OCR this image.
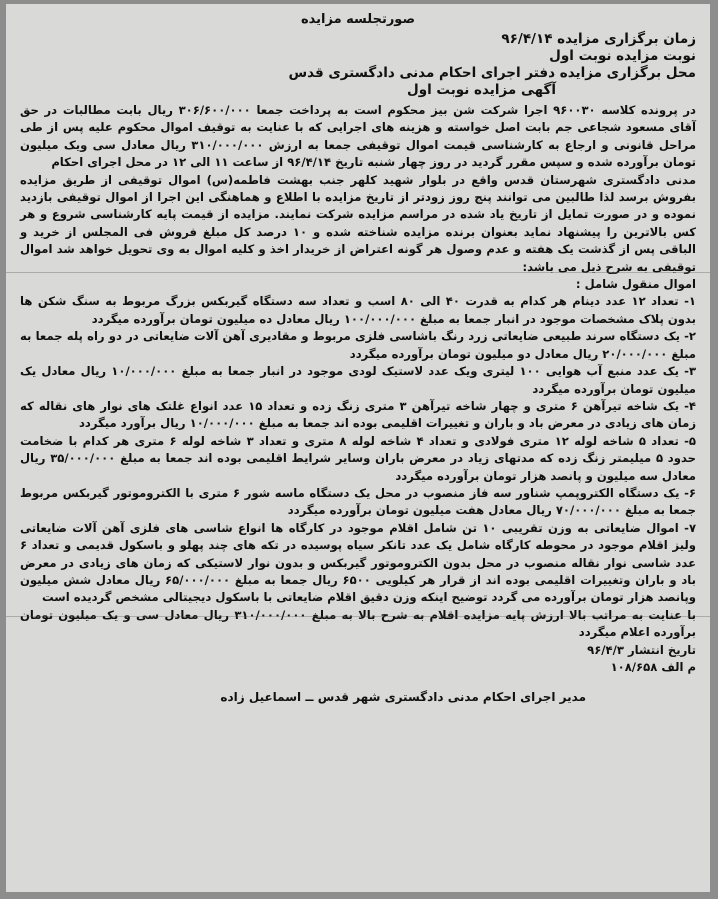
صورتجلسه مزایده
زمان برگزاری مزایده ۹۶/۴/۱۴
نوبت مزایده نوبت اول
محل برگزاری مزایده دفتر اجرای احکام مدنی دادگستری قدس
آگهی مزایده نوبت اول

در پرونده کلاسه ۹۶۰۰۳۰ اجرا شرکت شن بیز محکوم است به پرداخت جمعا ۳۰۶/۶۰۰/۰۰۰ ریال بابت مطالبات در حق آقای مسعود شجاعی جم بابت اصل خواسته و هزینه های اجرایی که با عنایت به توقیف اموال محکوم علیه پس از طی مراحل قانونی و ارجاع به کارشناسی قیمت اموال توقیفی جمعا به ارزش ۳۱۰/۰۰۰/۰۰۰ ریال معادل سی ویک میلیون تومان برآورده شده و سپس مقرر گردید در روز چهار شنبه تاریخ ۹۶/۴/۱۴ از ساعت ۱۱ الی ۱۲ در محل اجرای احکام

مدنی دادگستری شهرستان قدس واقع در بلوار شهید کلهر جنب بهشت فاطمه(س) اموال توقیفی از طریق مزایده بفروش برسد لذا طالبین می توانند پنج روز زودتر از تاریخ مزایده با اطلاع و هماهنگی این اجرا از اموال توقیفی بازدید نموده و در صورت تمایل از تاریخ یاد شده در مراسم مزایده شرکت نمایند. مزایده از قیمت پایه کارشناسی شروع و هر کس بالاترین را پیشنهاد نماید بعنوان برنده مزایده شناخته شده و ۱۰ درصد کل مبلغ فروش فی المجلس از خرید و الباقی پس از گذشت یک هفته و عدم وصول هر گونه اعتراض از خریدار اخذ و کلیه اموال به وی تحویل خواهد شد اموال توقیفی به شرح ذیل می باشد:

اموال منقول شامل :

۱- تعداد ۱۲ عدد دینام هر کدام به قدرت ۴۰ الی ۸۰ اسب و تعداد سه دستگاه گیربکس بزرگ مربوط به سنگ شکن ها بدون پلاک مشخصات موجود در انبار جمعا به مبلغ ۱۰۰/۰۰۰/۰۰۰ ریال معادل ده میلیون تومان برآورده میگردد
۲- یک دستگاه سرند طبیعی ضایعاتی زرد رنگ باشاسی فلزی مربوط و مقادیری آهن آلات ضایعاتی در دو راه پله جمعا به مبلغ ۲۰/۰۰۰/۰۰۰ ریال معادل دو میلیون تومان برآورده میگردد
۳- یک عدد منبع آب هوایی ۱۰۰ لیتری ویک عدد لاستیک لودی موجود در انبار جمعا به مبلغ ۱۰/۰۰۰/۰۰۰ ریال معادل یک میلیون تومان برآورده میگردد
۴- یک شاخه تیرآهن ۶ متری و چهار شاخه تیرآهن ۳ متری زنگ زده و تعداد ۱۵ عدد انواع غلتک های نوار های نقاله که زمان های زیادی در معرض باد و باران و تغییرات اقلیمی بوده اند جمعا به مبلغ ۱۰/۰۰۰/۰۰۰ ریال برآورد میگردد
۵- تعداد ۵ شاخه لوله ۱۲ متری فولادی و تعداد ۴ شاخه لوله ۸ متری و تعداد ۳ شاخه لوله ۶ متری هر کدام با ضخامت حدود ۵ میلیمتر زنگ زده که مدتهای زیاد در معرض باران وسایر شرایط اقلیمی بوده اند جمعا به مبلغ ۳۵/۰۰۰/۰۰۰ ریال معادل سه میلیون و پانصد هزار تومان برآورده میگردد
۶- یک دستگاه الکتروپمپ شناور سه فاز منصوب در محل یک دستگاه ماسه شور ۶ متری با الکتروموتور گیربکس مربوط جمعا به مبلغ ۷۰/۰۰۰/۰۰۰ ریال معادل هفت میلیون تومان برآورده میگردد
۷- اموال ضایعاتی به وزن تقریبی ۱۰ تن شامل اقلام موجود در کارگاه ها انواع شاسی های فلزی آهن آلات ضایعاتی ولیز اقلام موجود در محوطه کارگاه شامل یک عدد تانکر سیاه پوسیده در تکه های چند پهلو و باسکول قدیمی و تعداد ۶ عدد شاسی نوار نقاله منصوب در محل بدون الکتروموتور گیربکس و بدون نوار لاستیکی که زمان های زیادی در معرض باد و باران وتغییرات اقلیمی بوده اند از قرار هر کیلویی ۶۵۰۰ ریال جمعا به مبلغ ۶۵/۰۰۰/۰۰۰ ریال معادل شش میلیون وپانصد هزار تومان برآورده می گردد توضیح اینکه وزن دقیق اقلام ضایعاتی با باسکول دیجیتالی مشخص گردیده است

با عنایت به مراتب بالا ارزش پایه مزایده اقلام به شرح بالا به مبلغ ۳۱۰/۰۰۰/۰۰۰ ریال معادل سی و یک میلیون تومان برآورده اعلام میگردد

تاریخ انتشار ۹۶/۴/۳

م الف ۱۰۸/۶۵۸

مدیر اجرای احکام مدنی دادگستری شهر قدس ــ اسماعیل زاده
